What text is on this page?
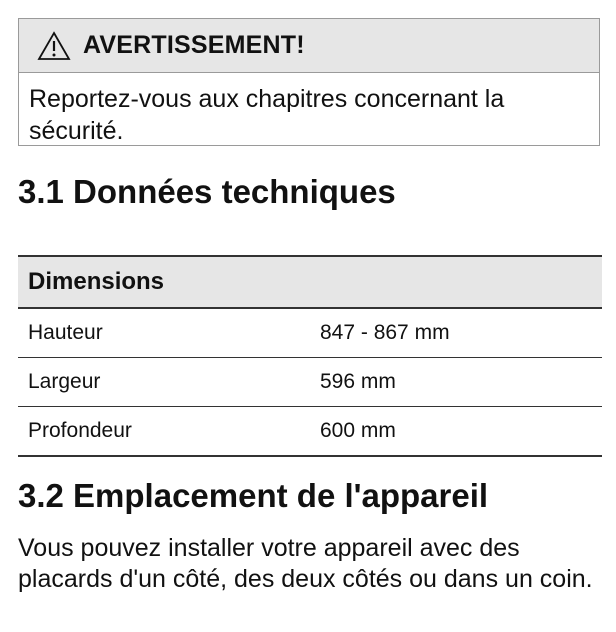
AVERTISSEMENT!
Reportez-vous aux chapitres concernant la sécurité.
3.1 Données techniques
Dimensions	
Hauteur	847 - 867 mm
Largeur	596 mm
Profondeur	600 mm
3.2 Emplacement de l'appareil

Vous pouvez installer votre appareil avec des placards d'un côté, des deux côtés ou dans un coin.
